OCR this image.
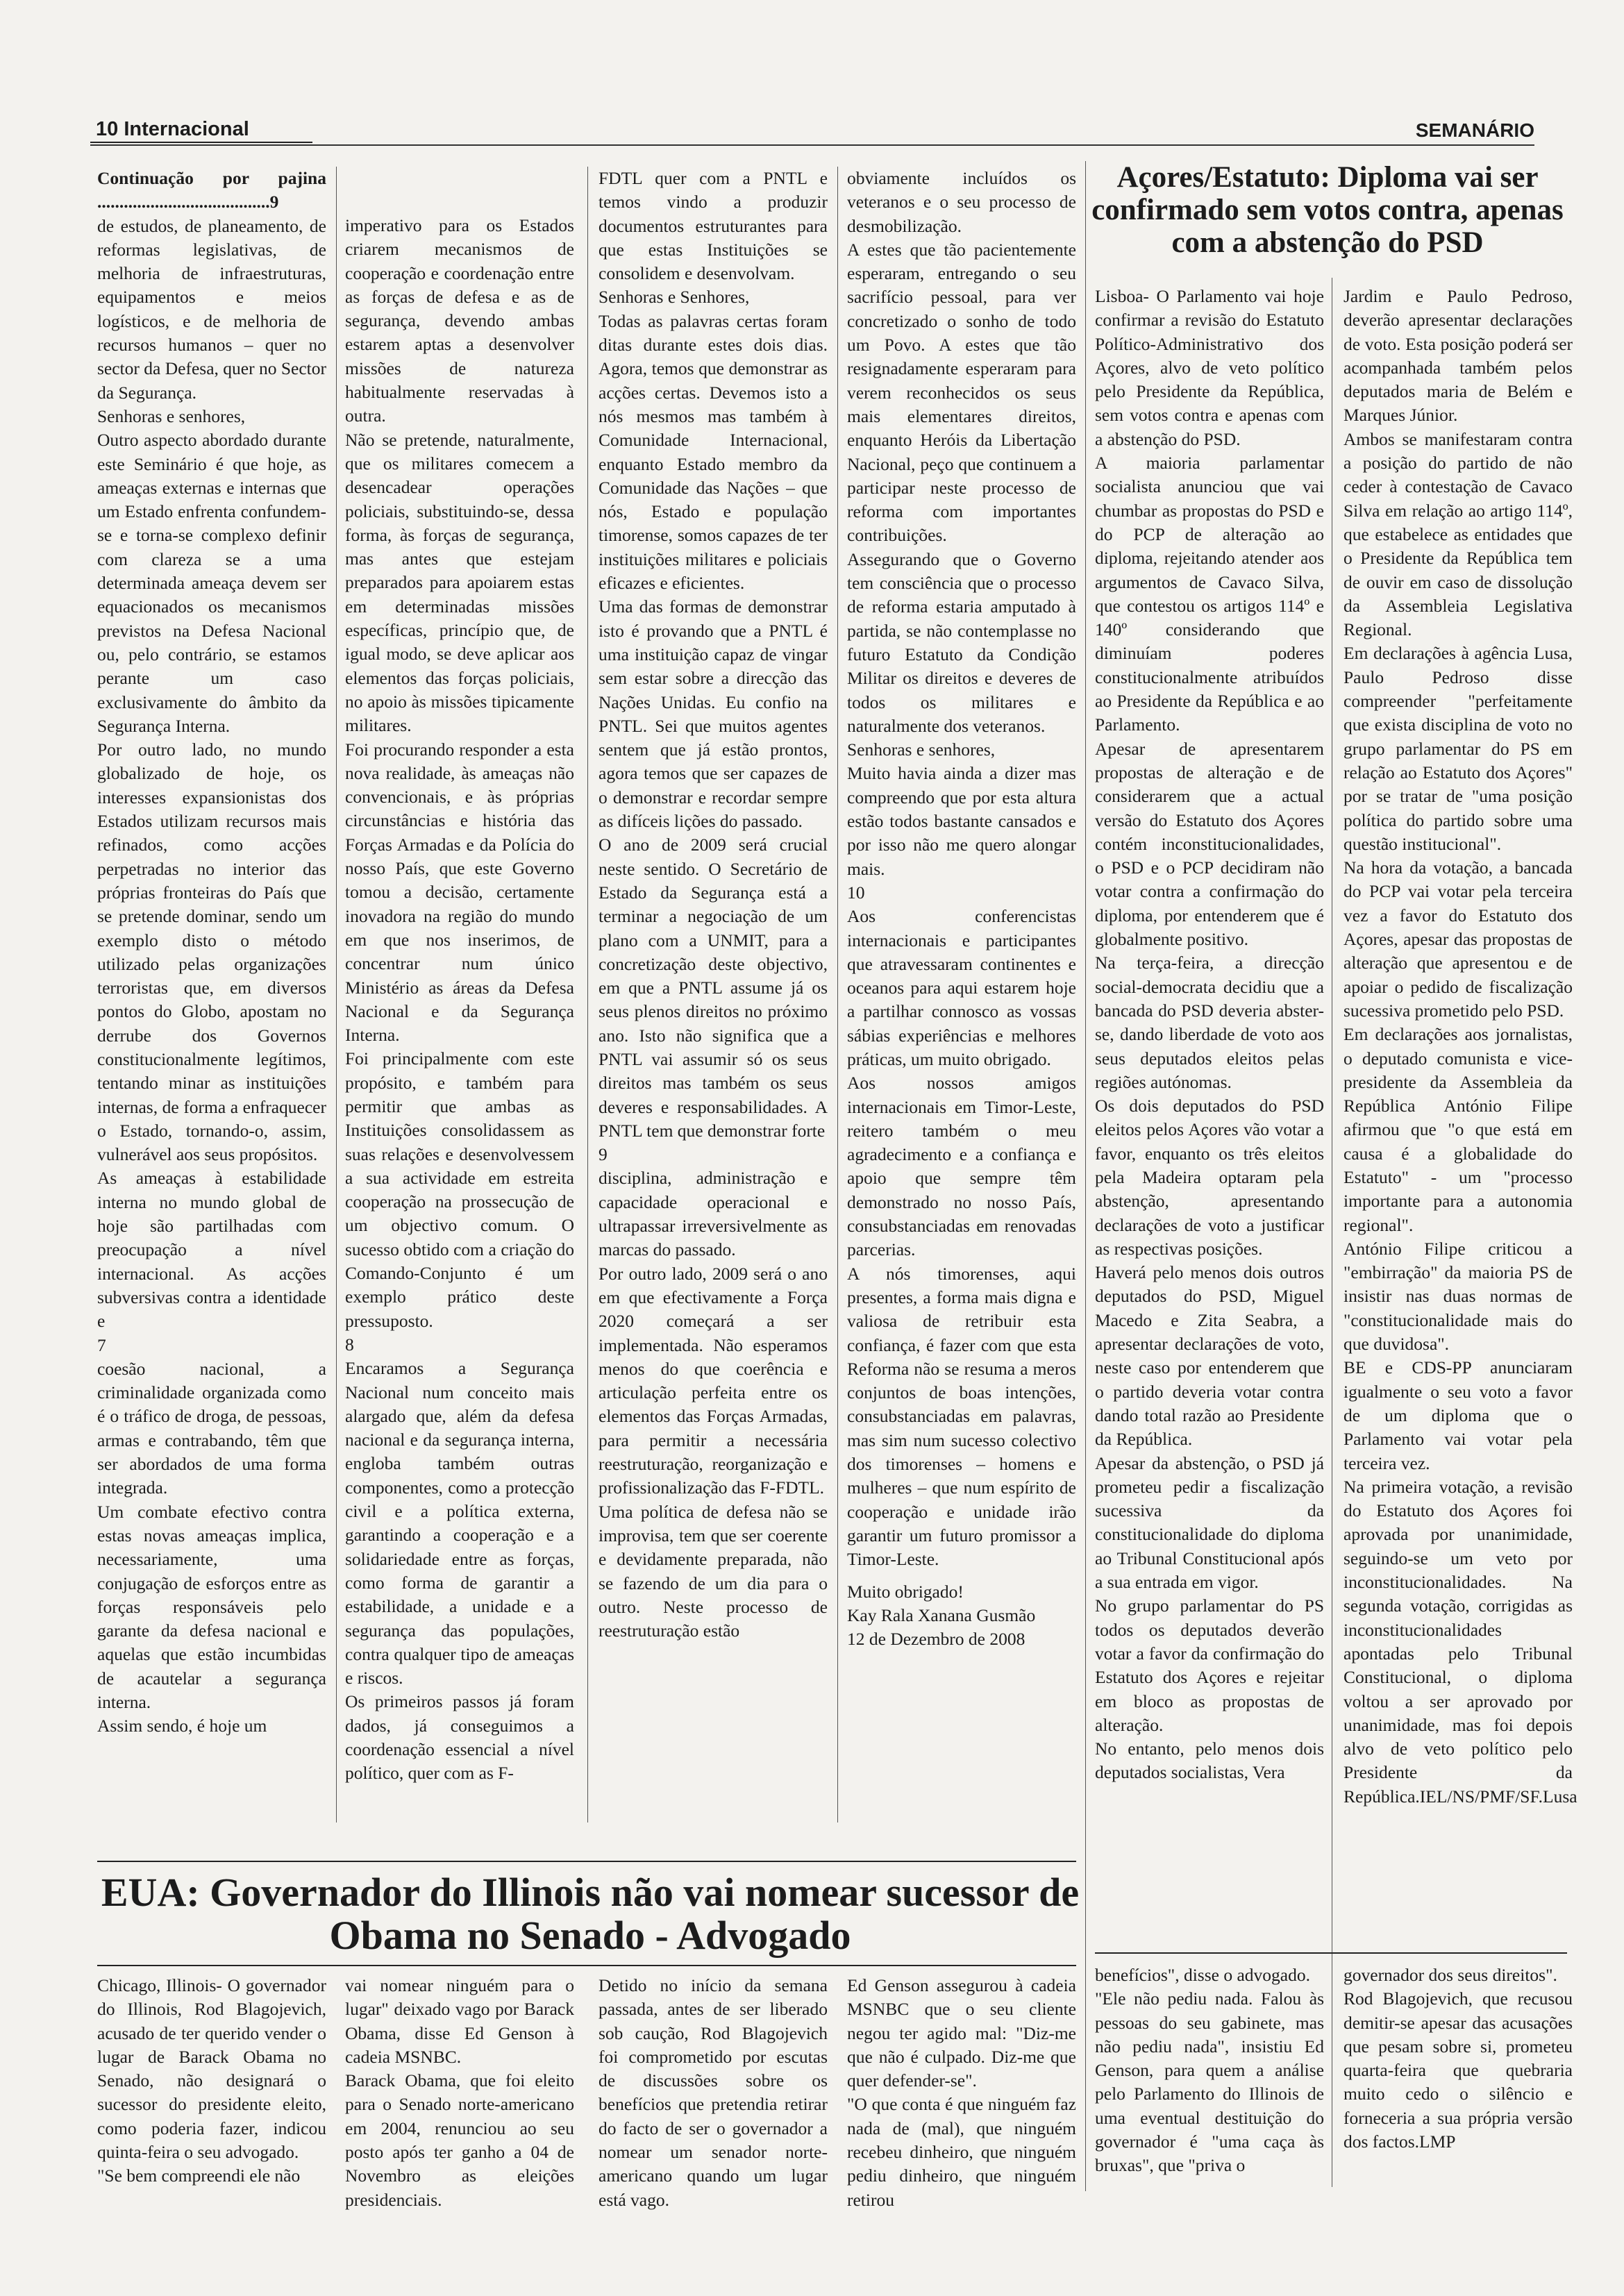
10 Internacional	SEMANÁRIO

Continuação por pajina .......................................9

de estudos, de planeamento, de reformas legislativas, de melhoria de infraestruturas, equipamentos e meios logísticos, e de melhoria de recursos humanos – quer no sector da Defesa, quer no Sector da Segurança.

Senhoras e senhores,

Outro aspecto abordado durante este Seminário é que hoje, as ameaças externas e internas que um Estado enfrenta confundem-se e torna-se complexo definir com clareza se a uma determinada ameaça devem ser equacionados os mecanismos previstos na Defesa Nacional ou, pelo contrário, se estamos perante um caso exclusivamente do âmbito da Segurança Interna.

Por outro lado, no mundo globalizado de hoje, os interesses expansionistas dos Estados utilizam recursos mais refinados, como acções perpetradas no interior das próprias fronteiras do País que se pretende dominar, sendo um exemplo disto o método utilizado pelas organizações terroristas que, em diversos pontos do Globo, apostam no derrube dos Governos constitucionalmente legítimos, tentando minar as instituições internas, de forma a enfraquecer o Estado, tornando-o, assim, vulnerável aos seus propósitos.

As ameaças à estabilidade interna no mundo global de hoje são partilhadas com preocupação a nível internacional. As acções subversivas contra a identidade e

7

coesão nacional, a criminalidade organizada como é o tráfico de droga, de pessoas, armas e contrabando, têm que ser abordados de uma forma integrada.

Um combate efectivo contra estas novas ameaças implica, necessariamente, uma conjugação de esforços entre as forças responsáveis pelo garante da defesa nacional e aquelas que estão incumbidas de acautelar a segurança interna.

Assim sendo, é hoje um

imperativo para os Estados criarem mecanismos de cooperação e coordenação entre as forças de defesa e as de segurança, devendo ambas estarem aptas a desenvolver missões de natureza habitualmente reservadas à outra.

Não se pretende, naturalmente, que os militares comecem a desencadear operações policiais, substituindo-se, dessa forma, às forças de segurança, mas antes que estejam preparados para apoiarem estas em determinadas missões específicas, princípio que, de igual modo, se deve aplicar aos elementos das forças policiais, no apoio às missões tipicamente militares.

Foi procurando responder a esta nova realidade, às ameaças não convencionais, e às próprias circunstâncias e história das Forças Armadas e da Polícia do nosso País, que este Governo tomou a decisão, certamente inovadora na região do mundo em que nos inserimos, de concentrar num único Ministério as áreas da Defesa Nacional e da Segurança Interna.

Foi principalmente com este propósito, e também para permitir que ambas as Instituições consolidassem as suas relações e desenvolvessem a sua actividade em estreita cooperação na prossecução de um objectivo comum. O sucesso obtido com a criação do Comando-Conjunto é um exemplo prático deste pressuposto.

8

Encaramos a Segurança Nacional num conceito mais alargado que, além da defesa nacional e da segurança interna, engloba também outras componentes, como a protecção civil e a política externa, garantindo a cooperação e a solidariedade entre as forças, como forma de garantir a estabilidade, a unidade e a segurança das populações, contra qualquer tipo de ameaças e riscos.

Os primeiros passos já foram dados, já conseguimos a coordenação essencial a nível político, quer com as F-

FDTL quer com a PNTL e temos vindo a produzir documentos estruturantes para que estas Instituições se consolidem e desenvolvam.

Senhoras e Senhores,

Todas as palavras certas foram ditas durante estes dois dias. Agora, temos que demonstrar as acções certas. Devemos isto a nós mesmos mas também à Comunidade Internacional, enquanto Estado membro da Comunidade das Nações – que nós, Estado e população timorense, somos capazes de ter instituições militares e policiais eficazes e eficientes.

Uma das formas de demonstrar isto é provando que a PNTL é uma instituição capaz de vingar sem estar sobre a direcção das Nações Unidas. Eu confio na PNTL. Sei que muitos agentes sentem que já estão prontos, agora temos que ser capazes de o demonstrar e recordar sempre as difíceis lições do passado.

O ano de 2009 será crucial neste sentido. O Secretário de Estado da Segurança está a terminar a negociação de um plano com a UNMIT, para a concretização deste objectivo, em que a PNTL assume já os seus plenos direitos no próximo ano. Isto não significa que a PNTL vai assumir só os seus direitos mas também os seus deveres e responsabilidades. A PNTL tem que demonstrar forte

9

disciplina, administração e capacidade operacional e ultrapassar irreversivelmente as marcas do passado.

Por outro lado, 2009 será o ano em que efectivamente a Força 2020 começará a ser implementada. Não esperamos menos do que coerência e articulação perfeita entre os elementos das Forças Armadas, para permitir a necessária reestruturação, reorganização e profissionalização das F-FDTL.

Uma política de defesa não se improvisa, tem que ser coerente e devidamente preparada, não se fazendo de um dia para o outro. Neste processo de reestruturação estão

obviamente incluídos os veteranos e o seu processo de desmobilização.

A estes que tão pacientemente esperaram, entregando o seu sacrifício pessoal, para ver concretizado o sonho de todo um Povo. A estes que tão resignadamente esperaram para verem reconhecidos os seus mais elementares direitos, enquanto Heróis da Libertação Nacional, peço que continuem a participar neste processo de reforma com importantes contribuições.

Assegurando que o Governo tem consciência que o processo de reforma estaria amputado à partida, se não contemplasse no futuro Estatuto da Condição Militar os direitos e deveres de todos os militares e naturalmente dos veteranos.

Senhoras e senhores,

Muito havia ainda a dizer mas compreendo que por esta altura estão todos bastante cansados e por isso não me quero alongar mais.

10

Aos conferencistas internacionais e participantes que atravessaram continentes e oceanos para aqui estarem hoje a partilhar connosco as vossas sábias experiências e melhores práticas, um muito obrigado.

Aos nossos amigos internacionais em Timor-Leste, reitero também o meu agradecimento e a confiança e apoio que sempre têm demonstrado no nosso País, consubstanciadas em renovadas parcerias.

A nós timorenses, aqui presentes, a forma mais digna e valiosa de retribuir esta confiança, é fazer com que esta Reforma não se resuma a meros conjuntos de boas intenções, consubstanciadas em palavras, mas sim num sucesso colectivo dos timorenses – homens e mulheres – que num espírito de cooperação e unidade irão garantir um futuro promissor a Timor-Leste.

Muito obrigado!

Kay Rala Xanana Gusmão

12 de Dezembro de 2008

Açores/Estatuto: Diploma vai ser confirmado sem votos contra, apenas com a abstenção do PSD

Lisboa- O Parlamento vai hoje confirmar a revisão do Estatuto Político-Administrativo dos Açores, alvo de veto político pelo Presidente da República, sem votos contra e apenas com a abstenção do PSD.

A maioria parlamentar socialista anunciou que vai chumbar as propostas do PSD e do PCP de alteração ao diploma, rejeitando atender aos argumentos de Cavaco Silva, que contestou os artigos 114º e 140º considerando que diminuíam poderes constitucionalmente atribuídos ao Presidente da República e ao Parlamento.

Apesar de apresentarem propostas de alteração e de considerarem que a actual versão do Estatuto dos Açores contém inconstitucionalidades, o PSD e o PCP decidiram não votar contra a confirmação do diploma, por entenderem que é globalmente positivo.

Na terça-feira, a direcção social-democrata decidiu que a bancada do PSD deveria abster-se, dando liberdade de voto aos seus deputados eleitos pelas regiões autónomas.

Os dois deputados do PSD eleitos pelos Açores vão votar a favor, enquanto os três eleitos pela Madeira optaram pela abstenção, apresentando declarações de voto a justificar as respectivas posições.

Haverá pelo menos dois outros deputados do PSD, Miguel Macedo e Zita Seabra, a apresentar declarações de voto, neste caso por entenderem que o partido deveria votar contra dando total razão ao Presidente da República.

Apesar da abstenção, o PSD já prometeu pedir a fiscalização sucessiva da constitucionalidade do diploma ao Tribunal Constitucional após a sua entrada em vigor.

No grupo parlamentar do PS todos os deputados deverão votar a favor da confirmação do Estatuto dos Açores e rejeitar em bloco as propostas de alteração.

No entanto, pelo menos dois deputados socialistas, Vera

Jardim e Paulo Pedroso, deverão apresentar declarações de voto. Esta posição poderá ser acompanhada também pelos deputados maria de Belém e Marques Júnior.

Ambos se manifestaram contra a posição do partido de não ceder à contestação de Cavaco Silva em relação ao artigo 114º, que estabelece as entidades que o Presidente da República tem de ouvir em caso de dissolução da Assembleia Legislativa Regional.

Em declarações à agência Lusa, Paulo Pedroso disse compreender "perfeitamente que exista disciplina de voto no grupo parlamentar do PS em relação ao Estatuto dos Açores" por se tratar de "uma posição política do partido sobre uma questão institucional".

Na hora da votação, a bancada do PCP vai votar pela terceira vez a favor do Estatuto dos Açores, apesar das propostas de alteração que apresentou e de apoiar o pedido de fiscalização sucessiva prometido pelo PSD.

Em declarações aos jornalistas, o deputado comunista e vice-presidente da Assembleia da República António Filipe afirmou que "o que está em causa é a globalidade do Estatuto" - um "processo importante para a autonomia regional".

António Filipe criticou a "embirração" da maioria PS de insistir nas duas normas de "constitucionalidade mais do que duvidosa".

BE e CDS-PP anunciaram igualmente o seu voto a favor de um diploma que o Parlamento vai votar pela terceira vez.

Na primeira votação, a revisão do Estatuto dos Açores foi aprovada por unanimidade, seguindo-se um veto por inconstitucionalidades. Na segunda votação, corrigidas as inconstitucionalidades apontadas pelo Tribunal Constitucional, o diploma voltou a ser aprovado por unanimidade, mas foi depois alvo de veto político pelo Presidente da República.IEL/NS/PMF/SF.Lusa

EUA: Governador do Illinois não vai nomear sucessor de Obama no Senado - Advogado

Chicago, Illinois- O governador do Illinois, Rod Blagojevich, acusado de ter querido vender o lugar de Barack Obama no Senado, não designará o sucessor do presidente eleito, como poderia fazer, indicou quinta-feira o seu advogado.

"Se bem compreendi ele não

vai nomear ninguém para o lugar" deixado vago por Barack Obama, disse Ed Genson à cadeia MSNBC.

Barack Obama, que foi eleito para o Senado norte-americano em 2004, renunciou ao seu posto após ter ganho a 04 de Novembro as eleições presidenciais.

Detido no início da semana passada, antes de ser liberado sob caução, Rod Blagojevich foi comprometido por escutas de discussões sobre os benefícios que pretendia retirar do facto de ser o governador a nomear um senador norte-americano quando um lugar está vago.

Ed Genson assegurou à cadeia MSNBC que o seu cliente negou ter agido mal: "Diz-me que não é culpado. Diz-me que quer defender-se".

"O que conta é que ninguém faz nada de (mal), que ninguém recebeu dinheiro, que ninguém pediu dinheiro, que ninguém retirou

benefícios", disse o advogado.

"Ele não pediu nada. Falou às pessoas do seu gabinete, mas não pediu nada", insistiu Ed Genson, para quem a análise pelo Parlamento do Illinois de uma eventual destituição do governador é "uma caça às bruxas", que "priva o

governador dos seus direitos".

Rod Blagojevich, que recusou demitir-se apesar das acusações que pesam sobre si, prometeu quarta-feira que quebraria muito cedo o silêncio e forneceria a sua própria versão dos factos.LMP
